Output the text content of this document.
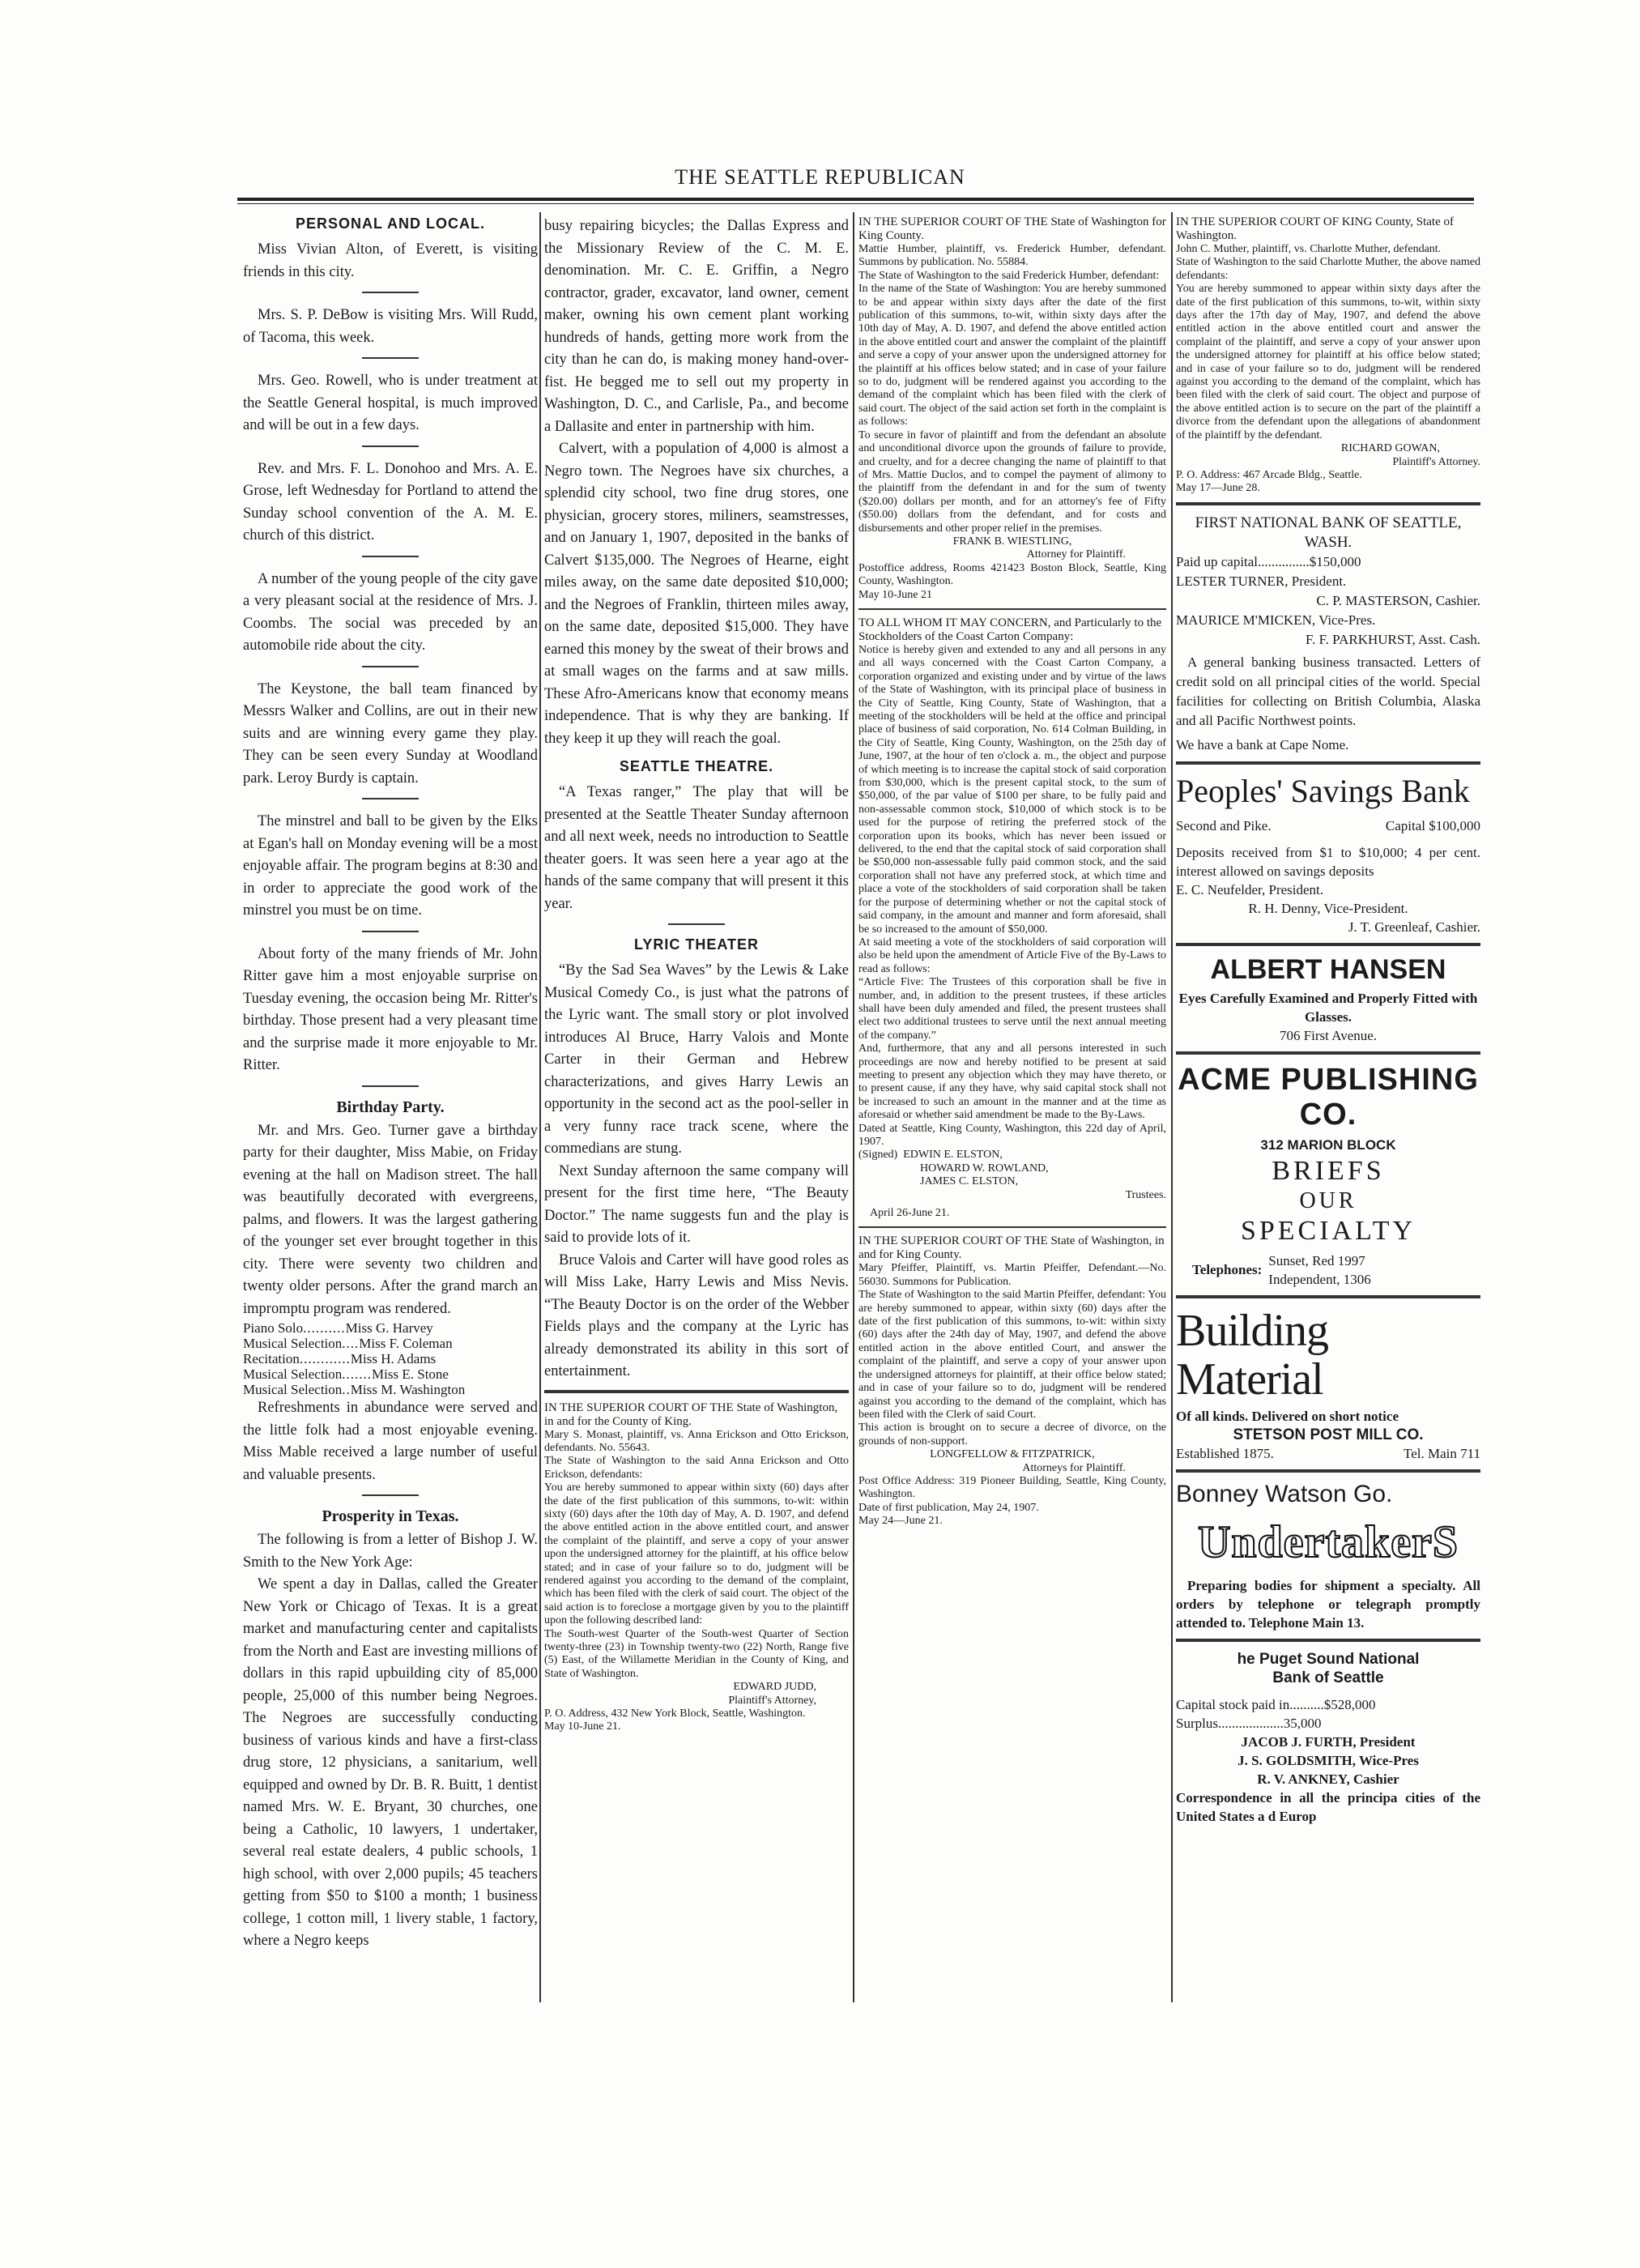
THE SEATTLE REPUBLICAN
PERSONAL AND LOCAL.

Miss Vivian Alton, of Everett, is visiting friends in this city.

Mrs. S. P. DeBow is visiting Mrs. Will Rudd, of Tacoma, this week.

Mrs. Geo. Rowell, who is under treatment at the Seattle General hospital, is much improved and will be out in a few days.

Rev. and Mrs. F. L. Donohoo and Mrs. A. E. Grose, left Wednesday for Portland to attend the Sunday school convention of the A. M. E. church of this district.

A number of the young people of the city gave a very pleasant social at the residence of Mrs. J. Coombs. The social was preceded by an automobile ride about the city.

The Keystone, the ball team financed by Messrs Walker and Collins, are out in their new suits and are winning every game they play. They can be seen every Sunday at Woodland park. Leroy Burdy is captain.

The minstrel and ball to be given by the Elks at Egan's hall on Monday evening will be a most enjoyable affair. The program begins at 8:30 and in order to appreciate the good work of the minstrel you must be on time.

About forty of the many friends of Mr. John Ritter gave him a most enjoyable surprise on Tuesday evening, the occasion being Mr. Ritter's birthday. Those present had a very pleasant time and the surprise made it more enjoyable to Mr. Ritter.

Birthday Party.

Mr. and Mrs. Geo. Turner gave a birthday party for their daughter, Miss Mabie, on Friday evening at the hall on Madison street. The hall was beautifully decorated with evergreens, palms, and flowers. It was the largest gathering of the younger set ever brought together in this city. There were seventy two children and twenty older persons. After the grand march an impromptu program was rendered.

Piano Solo..........Miss G. Harvey

Musical Selection....Miss F. Coleman

Recitation............Miss H. Adams

Musical Selection.......Miss E. Stone

Musical Selection..Miss M. Washington

Refreshments in abundance were served and the little folk had a most enjoyable evening. Miss Mable received a large number of useful and valuable presents.

Prosperity in Texas.

The following is from a letter of Bishop J. W. Smith to the New York Age:

We spent a day in Dallas, called the Greater New York or Chicago of Texas. It is a great market and manufacturing center and capitalists from the North and East are investing millions of dollars in this rapid upbuilding city of 85,000 people, 25,000 of this number being Negroes. The Negroes are successfully conducting business of various kinds and have a first-class drug store, 12 physicians, a sanitarium, well equipped and owned by Dr. B. R. Buitt, 1 dentist named Mrs. W. E. Bryant, 30 churches, one being a Catholic, 10 lawyers, 1 undertaker, several real estate dealers, 4 public schools, 1 high school, with over 2,000 pupils; 45 teachers getting from $50 to $100 a month; 1 business college, 1 cotton mill, 1 livery stable, 1 factory, where a Negro keeps

busy repairing bicycles; the Dallas Express and the Missionary Review of the C. M. E. denomination. Mr. C. E. Griffin, a Negro contractor, grader, excavator, land owner, cement maker, owning his own cement plant working hundreds of hands, getting more work from the city than he can do, is making money hand-over-fist. He begged me to sell out my property in Washington, D. C., and Carlisle, Pa., and become a Dallasite and enter in partnership with him.

Calvert, with a population of 4,000 is almost a Negro town. The Negroes have six churches, a splendid city school, two fine drug stores, one physician, grocery stores, miliners, seamstresses, and on January 1, 1907, deposited in the banks of Calvert $135,000. The Negroes of Hearne, eight miles away, on the same date deposited $10,000; and the Negroes of Franklin, thirteen miles away, on the same date, deposited $15,000. They have earned this money by the sweat of their brows and at small wages on the farms and at saw mills. These Afro-Americans know that economy means independence. That is why they are banking. If they keep it up they will reach the goal.

SEATTLE THEATRE.

“A Texas ranger,” The play that will be presented at the Seattle Theater Sunday afternoon and all next week, needs no introduction to Seattle theater goers. It was seen here a year ago at the hands of the same company that will present it this year.

LYRIC THEATER

“By the Sad Sea Waves” by the Lewis & Lake Musical Comedy Co., is just what the patrons of the Lyric want. The small story or plot involved introduces Al Bruce, Harry Valois and Monte Carter in their German and Hebrew characterizations, and gives Harry Lewis an opportunity in the second act as the pool-seller in a very funny race track scene, where the commedians are stung.

Next Sunday afternoon the same company will present for the first time here, “The Beauty Doctor.” The name suggests fun and the play is said to provide lots of it.

Bruce Valois and Carter will have good roles as will Miss Lake, Harry Lewis and Miss Nevis. “The Beauty Doctor is on the order of the Webber Fields plays and the company at the Lyric has already demonstrated its ability in this sort of entertainment.

IN THE SUPERIOR COURT OF THE State of Washington, in and for the County of King.

Mary S. Monast, plaintiff, vs. Anna Erickson and Otto Erickson, defendants. No. 55643.

The State of Washington to the said Anna Erickson and Otto Erickson, defendants:

You are hereby summoned to appear within sixty (60) days after the date of the first publication of this summons, to-wit: within sixty (60) days after the 10th day of May, A. D. 1907, and defend the above entitled action in the above entitled court, and answer the complaint of the plaintiff, and serve a copy of your answer upon the undersigned attorney for the plaintiff, at his office below stated; and in case of your failure so to do, judgment will be rendered against you according to the demand of the complaint, which has been filed with the clerk of said court. The object of the said action is to foreclose a mortgage given by you to the plaintiff upon the following described land:

The South-west Quarter of the South-west Quarter of Section twenty-three (23) in Township twenty-two (22) North, Range five (5) East, of the Willamette Meridian in the County of King, and State of Washington.

EDWARD JUDD,

Plaintiff's Attorney,

P. O. Address, 432 New York Block, Seattle, Washington.

May 10-June 21.

IN THE SUPERIOR COURT OF THE State of Washington for King County.

Mattie Humber, plaintiff, vs. Frederick Humber, defendant. Summons by publication. No. 55884.

The State of Washington to the said Frederick Humber, defendant:

In the name of the State of Washington: You are hereby summoned to be and appear within sixty days after the date of the first publication of this summons, to-wit, within sixty days after the 10th day of May, A. D. 1907, and defend the above entitled action in the above entitled court and answer the complaint of the plaintiff and serve a copy of your answer upon the undersigned attorney for the plaintiff at his offices below stated; and in case of your failure so to do, judgment will be rendered against you according to the demand of the complaint which has been filed with the clerk of said court. The object of the said action set forth in the complaint is as follows:

To secure in favor of plaintiff and from the defendant an absolute and unconditional divorce upon the grounds of failure to provide, and cruelty, and for a decree changing the name of plaintiff to that of Mrs. Mattie Duclos, and to compel the payment of alimony to the plaintiff from the defendant in and for the sum of twenty ($20.00) dollars per month, and for an attorney's fee of Fifty ($50.00) dollars from the defendant, and for costs and disbursements and other proper relief in the premises.

FRANK B. WIESTLING,

Attorney for Plaintiff.

Postoffice address, Rooms 421423 Boston Block, Seattle, King County, Washington.

May 10-June 21

TO ALL WHOM IT MAY CONCERN, and Particularly to the Stockholders of the Coast Carton Company:

Notice is hereby given and extended to any and all persons in any and all ways concerned with the Coast Carton Company, a corporation organized and existing under and by virtue of the laws of the State of Washington, with its principal place of business in the City of Seattle, King County, State of Washington, that a meeting of the stockholders will be held at the office and principal place of business of said corporation, No. 614 Colman Building, in the City of Seattle, King County, Washington, on the 25th day of June, 1907, at the hour of ten o'clock a. m., the object and purpose of which meeting is to increase the capital stock of said corporation from $30,000, which is the present capital stock, to the sum of $50,000, of the par value of $100 per share, to be fully paid and non-assessable common stock, $10,000 of which stock is to be used for the purpose of retiring the preferred stock of the corporation upon its books, which has never been issued or delivered, to the end that the capital stock of said corporation shall be $50,000 non-assessable fully paid common stock, and the said corporation shall not have any preferred stock, at which time and place a vote of the stockholders of said corporation shall be taken for the purpose of determining whether or not the capital stock of said company, in the amount and manner and form aforesaid, shall be so increased to the amount of $50,000.

At said meeting a vote of the stockholders of said corporation will also be held upon the amendment of Article Five of the By-Laws to read as follows:

“Article Five: The Trustees of this corporation shall be five in number, and, in addition to the present trustees, if these articles shall have been duly amended and filed, the present trustees shall elect two additional trustees to serve until the next annual meeting of the company.”

And, furthermore, that any and all persons interested in such proceedings are now and hereby notified to be present at said meeting to present any objection which they may have thereto, or to present cause, if any they have, why said capital stock shall not be increased to such an amount in the manner and at the time as aforesaid or whether said amendment be made to the By-Laws.

Dated at Seattle, King County, Washington, this 22d day of April, 1907.

(Signed) EDWIN E. ELSTON,

HOWARD W. ROWLAND,

JAMES C. ELSTON,

Trustees.

April 26-June 21.

IN THE SUPERIOR COURT OF THE State of Washington, in and for King County.

Mary Pfeiffer, Plaintiff, vs. Martin Pfeiffer, Defendant.—No. 56030. Summons for Publication.

The State of Washington to the said Martin Pfeiffer, defendant: You are hereby summoned to appear, within sixty (60) days after the date of the first publication of this summons, to-wit: within sixty (60) days after the 24th day of May, 1907, and defend the above entitled action in the above entitled Court, and answer the complaint of the plaintiff, and serve a copy of your answer upon the undersigned attorneys for plaintiff, at their office below stated; and in case of your failure so to do, judgment will be rendered against you according to the demand of the complaint, which has been filed with the Clerk of said Court.

This action is brought on to secure a decree of divorce, on the grounds of non-support.

LONGFELLOW & FITZPATRICK,

Attorneys for Plaintiff.

Post Office Address: 319 Pioneer Building, Seattle, King County, Washington.

Date of first publication, May 24, 1907.

May 24—June 21.

IN THE SUPERIOR COURT OF KING County, State of Washington.

John C. Muther, plaintiff, vs. Charlotte Muther, defendant.

State of Washington to the said Charlotte Muther, the above named defendants:

You are hereby summoned to appear within sixty days after the date of the first publication of this summons, to-wit, within sixty days after the 17th day of May, 1907, and defend the above entitled action in the above entitled court and answer the complaint of the plaintiff, and serve a copy of your answer upon the undersigned attorney for plaintiff at his office below stated; and in case of your failure so to do, judgment will be rendered against you according to the demand of the complaint, which has been filed with the clerk of said court. The object and purpose of the above entitled action is to secure on the part of the plaintiff a divorce from the defendant upon the allegations of abandonment of the plaintiff by the defendant.

RICHARD GOWAN,

Plaintiff's Attorney.

P. O. Address: 467 Arcade Bldg., Seattle.

May 17—June 28.

FIRST NATIONAL BANK OF SEATTLE, WASH.

Paid up capital...............$150,000

LESTER TURNER, President.

C. P. MASTERSON, Cashier.

MAURICE M'MICKEN, Vice-Pres.

F. F. PARKHURST, Asst. Cash.

A general banking business transacted. Letters of credit sold on all principal cities of the world. Special facilities for collecting on British Columbia, Alaska and all Pacific Northwest points.

We have a bank at Cape Nome.

Peoples' Savings Bank

Second and Pike.	Capital $100,000

Deposits received from $1 to $10,000; 4 per cent. interest allowed on savings deposits

E. C. Neufelder, President.

R. H. Denny, Vice-President.

J. T. Greenleaf, Cashier.

ALBERT HANSEN

Eyes Carefully Examined and Properly Fitted with Glasses.

706 First Avenue.

ACME PUBLISHING CO.

312 MARION BLOCK

BRIEFS
OUR
SPECIALTY
Telephones:
Sunset, Red 1997
Independent, 1306
Building Material

Of all kinds. Delivered on short notice

STETSON POST MILL CO.

Established 1875.	Tel. Main 711

Bonney Watson Go.
UndertakerS

Preparing bodies for shipment a specialty. All orders by telephone or telegraph promptly attended to. Telephone Main 13.

he Puget Sound National

Bank of Seattle

Capital stock paid in..........$528,000

Surplus...................35,000

JACOB J. FURTH, President

J. S. GOLDSMITH, Wice-Pres

R. V. ANKNEY, Cashier

Correspondence in all the principa cities of the United States a d Europ
